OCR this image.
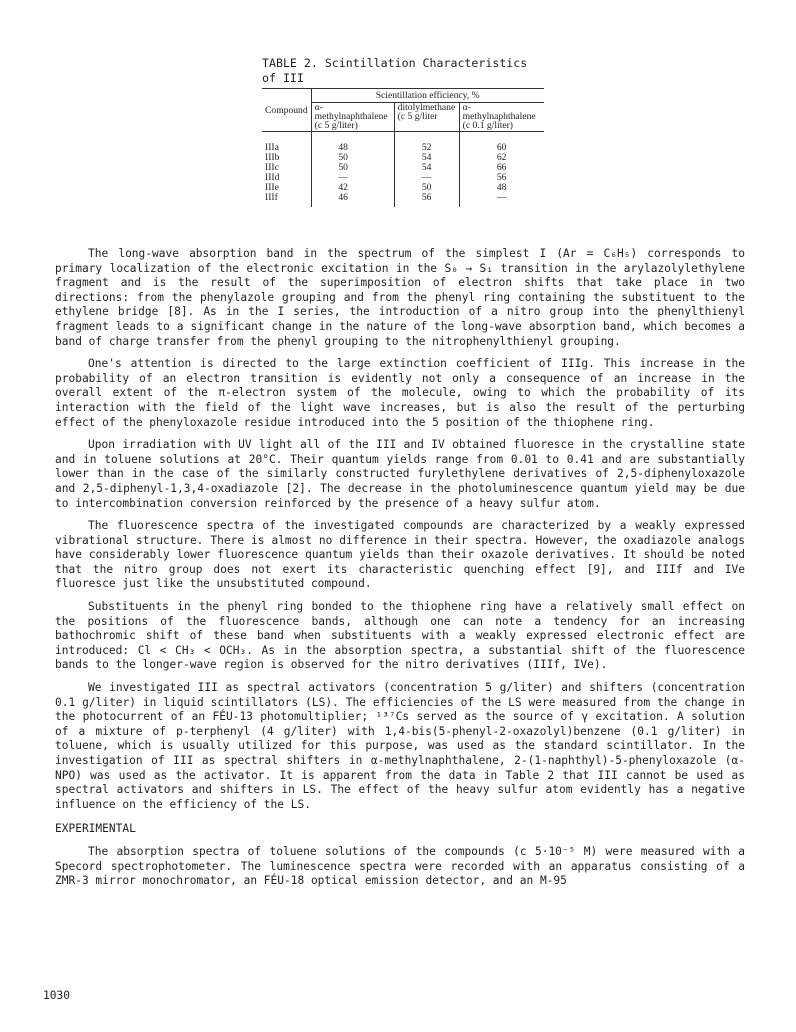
TABLE 2. Scintillation Characteristics of III
Compound	Scientillation efficiency, %		
	α-methylnaphthalene (c 5 g/liter)	ditolylmethane (c 5 g/liter	α-methylnaphthalene (c 0.1 g/liter)
IIIa	48	52	60
IIIb	50	54	62
IIIc	50	54	66
IIId	—	—	56
IIIe	42	50	48
IIIf	46	56	—

The long-wave absorption band in the spectrum of the simplest I (Ar = C₆H₅) corresponds to primary localization of the electronic excitation in the S₀ → S₁ transition in the arylazolylethylene fragment and is the result of the superimposition of electron shifts that take place in two directions: from the phenylazole grouping and from the phenyl ring containing the substituent to the ethylene bridge [8]. As in the I series, the introduction of a nitro group into the phenylthienyl fragment leads to a significant change in the nature of the long-wave absorption band, which becomes a band of charge transfer from the phenyl grouping to the nitrophenylthienyl grouping.

One's attention is directed to the large extinction coefficient of IIIg. This increase in the probability of an electron transition is evidently not only a consequence of an increase in the overall extent of the π-electron system of the molecule, owing to which the probability of its interaction with the field of the light wave increases, but is also the result of the perturbing effect of the phenyloxazole residue introduced into the 5 position of the thiophene ring.

Upon irradiation with UV light all of the III and IV obtained fluoresce in the crystalline state and in toluene solutions at 20°C. Their quantum yields range from 0.01 to 0.41 and are substantially lower than in the case of the similarly constructed furylethylene derivatives of 2,5-diphenyloxazole and 2,5-diphenyl-1,3,4-oxadiazole [2]. The decrease in the photoluminescence quantum yield may be due to intercombination conversion reinforced by the presence of a heavy sulfur atom.

The fluorescence spectra of the investigated compounds are characterized by a weakly expressed vibrational structure. There is almost no difference in their spectra. However, the oxadiazole analogs have considerably lower fluorescence quantum yields than their oxazole derivatives. It should be noted that the nitro group does not exert its characteristic quenching effect [9], and IIIf and IVe fluoresce just like the unsubstituted compound.

Substituents in the phenyl ring bonded to the thiophene ring have a relatively small effect on the positions of the fluorescence bands, although one can note a tendency for an increasing bathochromic shift of these band when substituents with a weakly expressed electronic effect are introduced: Cl < CH₃ < OCH₃. As in the absorption spectra, a substantial shift of the fluorescence bands to the longer-wave region is observed for the nitro derivatives (IIIf, IVe).

We investigated III as spectral activators (concentration 5 g/liter) and shifters (concentration 0.1 g/liter) in liquid scintillators (LS). The efficiencies of the LS were measured from the change in the photocurrent of an FÉU-13 photomultiplier; ¹³⁷Cs served as the source of γ excitation. A solution of a mixture of p-terphenyl (4 g/liter) with 1,4-bis(5-phenyl-2-oxazolyl)benzene (0.1 g/liter) in toluene, which is usually utilized for this purpose, was used as the standard scintillator. In the investigation of III as spectral shifters in α-methylnaphthalene, 2-(1-naphthyl)-5-phenyloxazole (α-NPO) was used as the activator. It is apparent from the data in Table 2 that III cannot be used as spectral activators and shifters in LS. The effect of the heavy sulfur atom evidently has a negative influence on the efficiency of the LS.

EXPERIMENTAL

The absorption spectra of toluene solutions of the compounds (c 5·10⁻⁵ M) were measured with a Specord spectrophotometer. The luminescence spectra were recorded with an apparatus consisting of a ZMR-3 mirror monochromator, an FÉU-18 optical emission detector, and an M-95

1030
